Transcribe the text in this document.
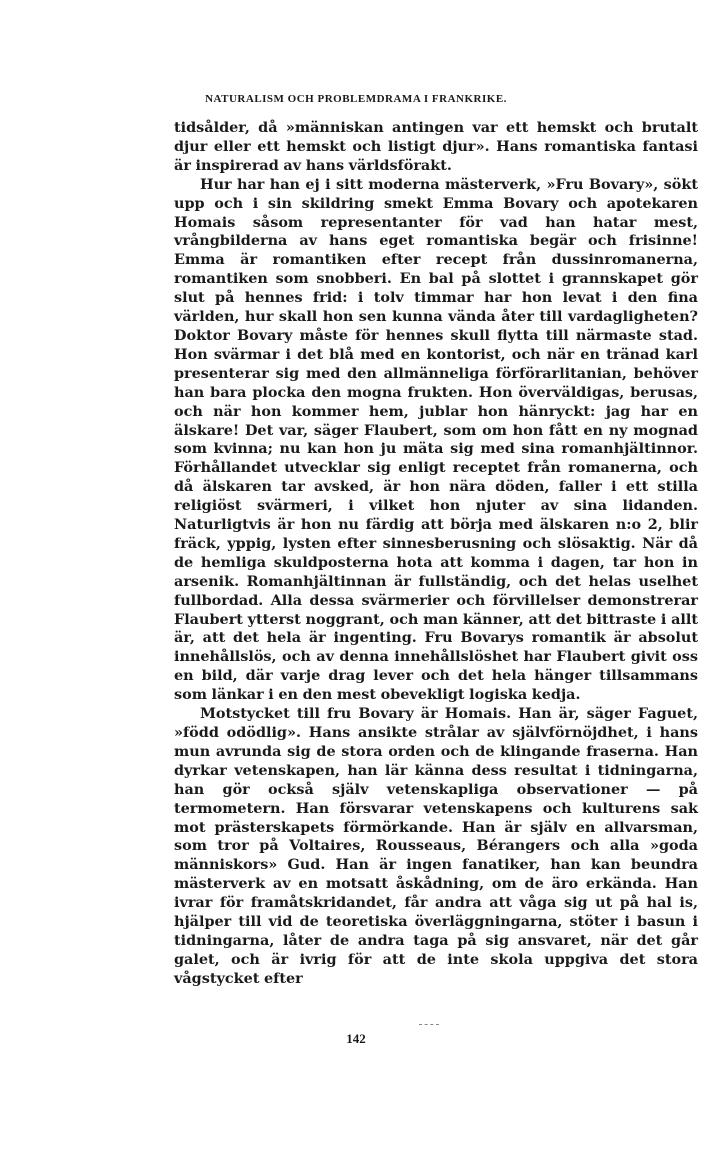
NATURALISM OCH PROBLEMDRAMA I FRANKRIKE.

tidsålder, då »människan antingen var ett hemskt och brutalt djur eller ett hemskt och listigt djur». Hans romantiska fantasi är inspirerad av hans världsförakt.

Hur har han ej i sitt moderna mästerverk, »Fru Bovary», sökt upp och i sin skildring smekt Emma Bovary och apotekaren Homais såsom representanter för vad han hatar mest, vrångbilderna av hans eget romantiska begär och frisinne! Emma är romantiken efter recept från dussinromanerna, romantiken som snobberi. En bal på slottet i grannskapet gör slut på hennes frid: i tolv timmar har hon levat i den fina världen, hur skall hon sen kunna vända åter till vardagligheten? Doktor Bovary måste för hennes skull flytta till närmaste stad. Hon svärmar i det blå med en kontorist, och när en tränad karl presenterar sig med den allmänneliga förförarlitanian, behöver han bara plocka den mogna frukten. Hon överväldigas, berusas, och när hon kommer hem, jublar hon hänryckt: jag har en älskare! Det var, säger Flaubert, som om hon fått en ny mognad som kvinna; nu kan hon ju mäta sig med sina romanhjältinnor. Förhållandet utvecklar sig enligt receptet från romanerna, och då älskaren tar avsked, är hon nära döden, faller i ett stilla religiöst svärmeri, i vilket hon njuter av sina lidanden. Naturligtvis är hon nu färdig att börja med älskaren n:o 2, blir fräck, yppig, lysten efter sinnesberusning och slösaktig. När då de hemliga skuldposterna hota att komma i dagen, tar hon in arsenik. Romanhjältinnan är fullständig, och det helas uselhet fullbordad. Alla dessa svärmerier och förvillelser demonstrerar Flaubert ytterst noggrant, och man känner, att det bittraste i allt är, att det hela är ingenting. Fru Bovarys romantik är absolut innehållslös, och av denna innehållslöshet har Flaubert givit oss en bild, där varje drag lever och det hela hänger tillsammans som länkar i en den mest obevekligt logiska kedja.

Motstycket till fru Bovary är Homais. Han är, säger Faguet, »född odödlig». Hans ansikte strålar av självförnöjdhet, i hans mun avrunda sig de stora orden och de klingande fraserna. Han dyrkar vetenskapen, han lär känna dess resultat i tidningarna, han gör också själv vetenskapliga observationer — på termometern. Han försvarar vetenskapens och kulturens sak mot prästerskapets förmörkande. Han är själv en allvarsman, som tror på Voltaires, Rousseaus, Bérangers och alla »goda människors» Gud. Han är ingen fanatiker, han kan beundra mästerverk av en motsatt åskådning, om de äro erkända. Han ivrar för framåtskridandet, får andra att våga sig ut på hal is, hjälper till vid de teoretiska överläggningarna, stöter i basun i tidningarna, låter de andra taga på sig ansvaret, när det går galet, och är ivrig för att de inte skola uppgiva det stora vågstycket efter

142
